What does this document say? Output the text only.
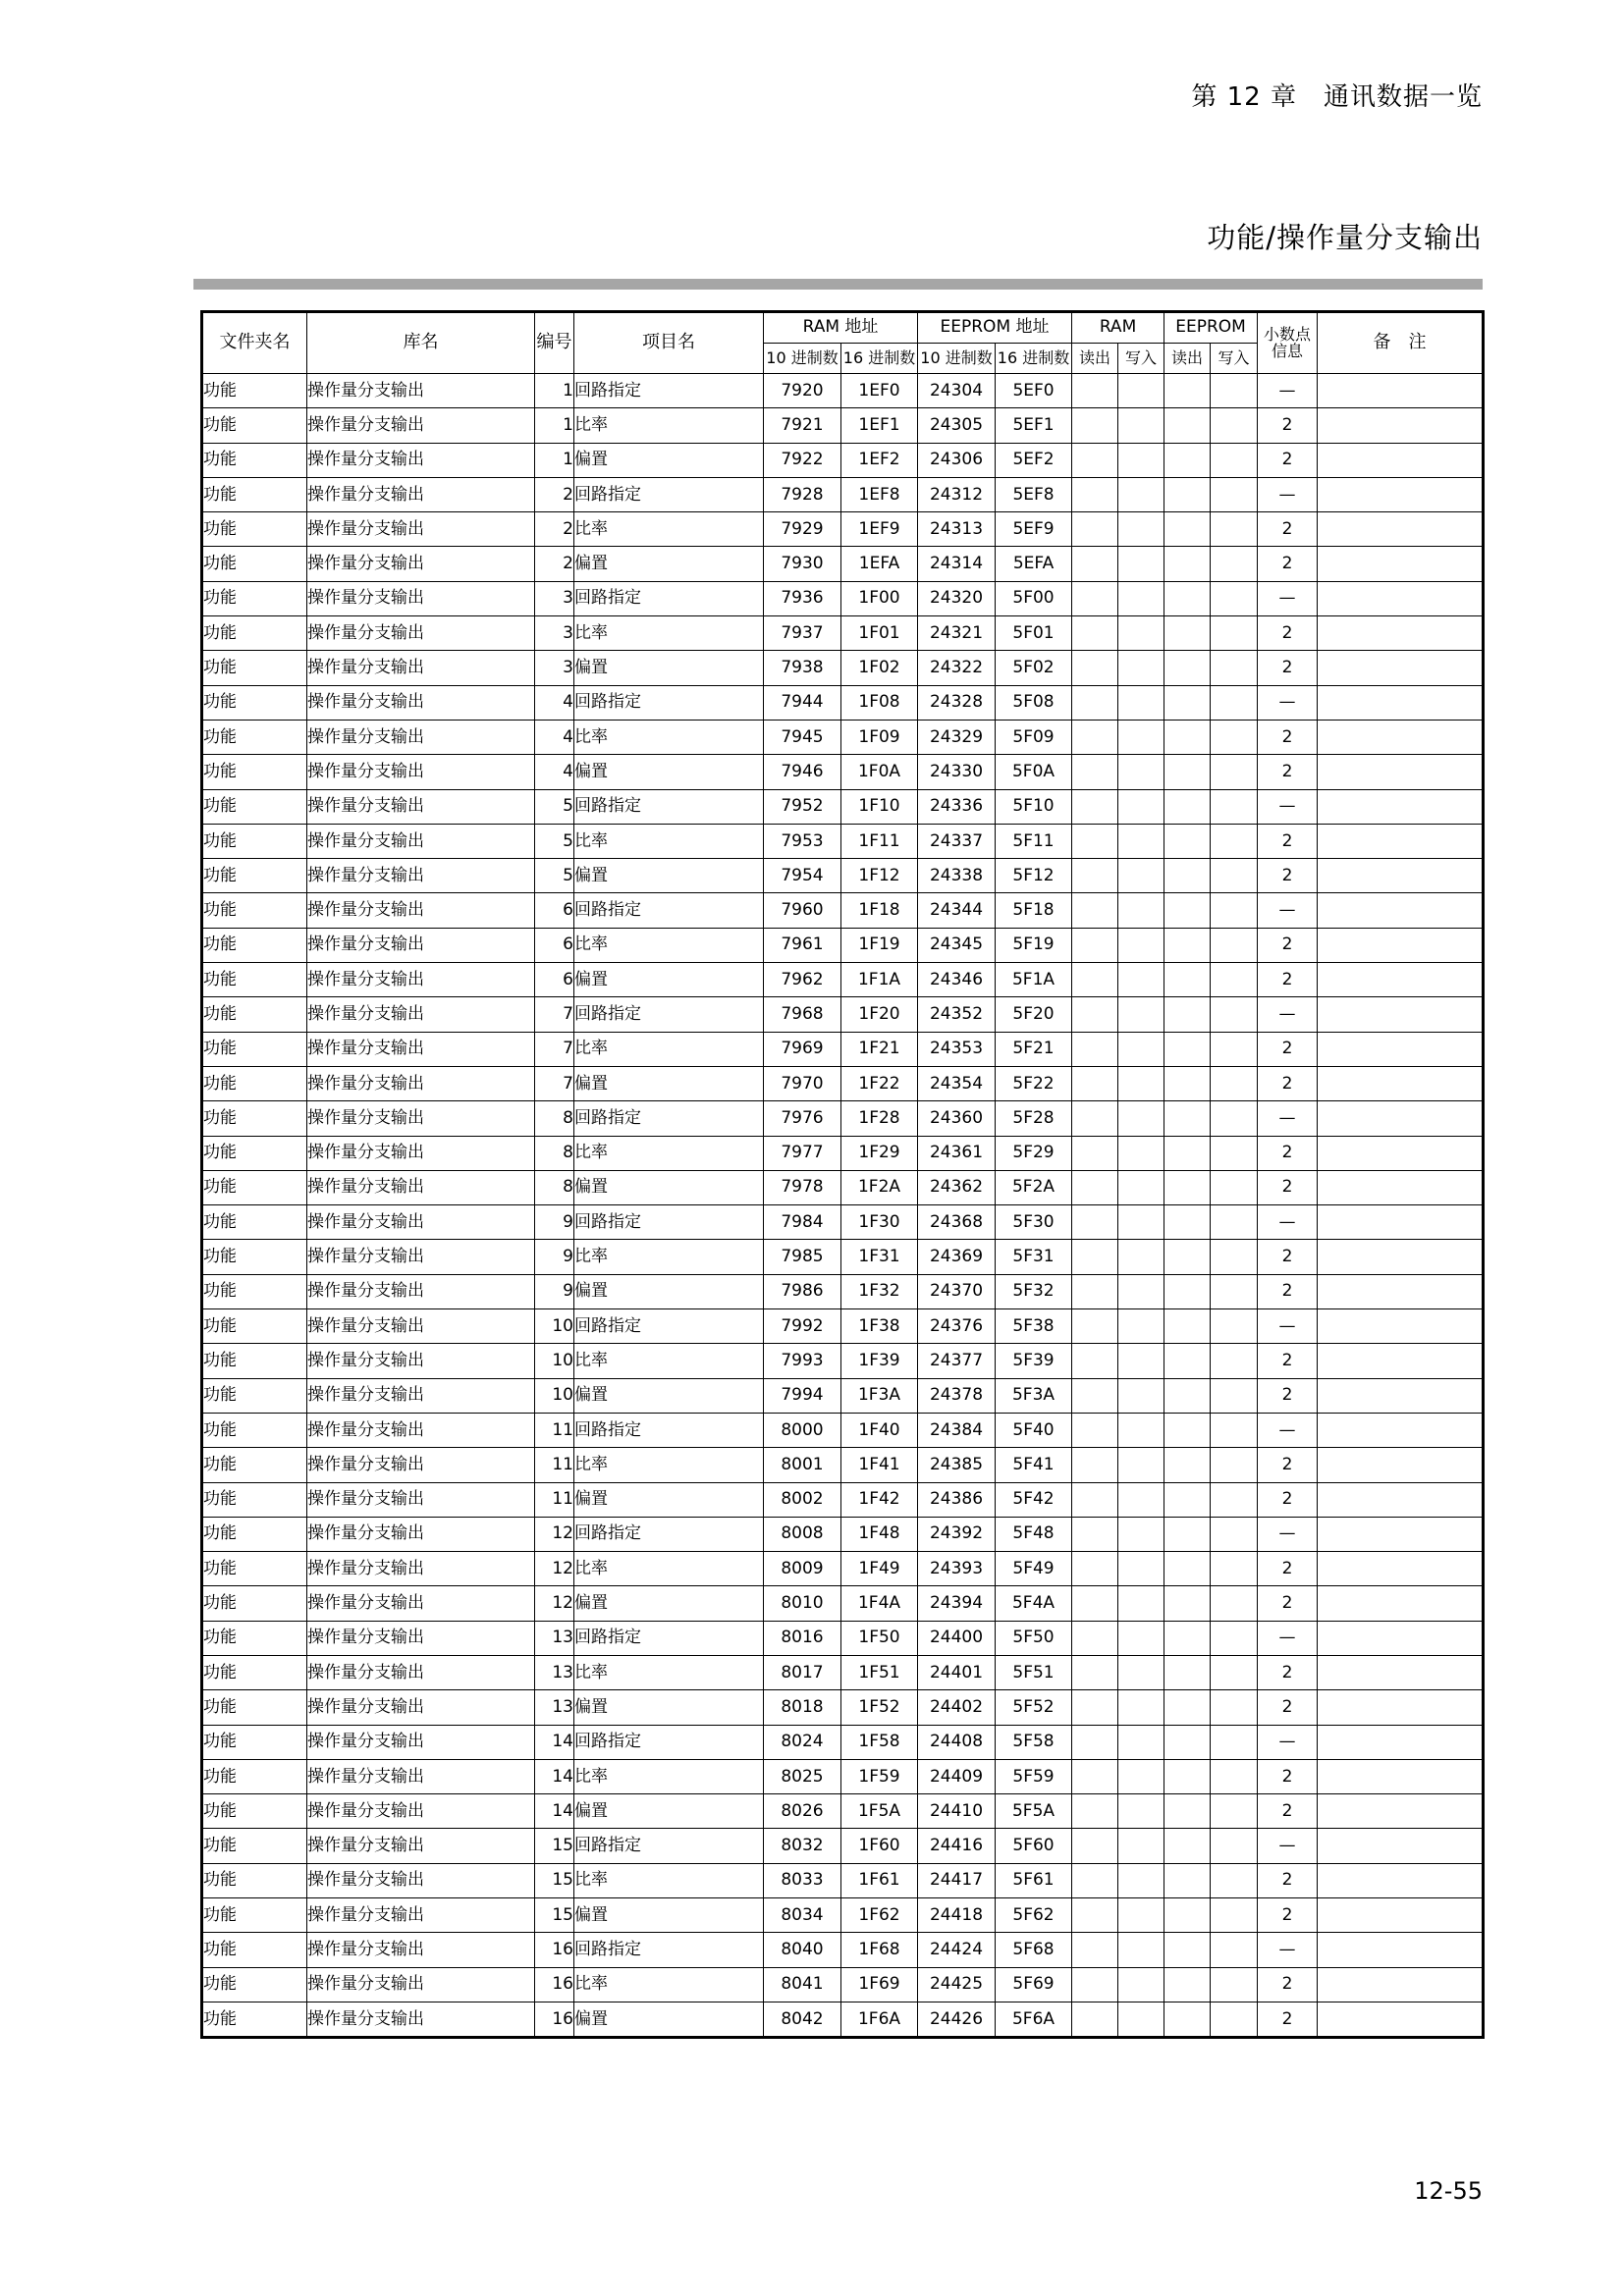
第 12 章　通讯数据一览
功能/操作量分支输出
文件夹名	库名	编号	项目名	RAM 地址		EEPROM 地址		RAM		EEPROM		小数点信息	备　注
				10 进制数	16 进制数	10 进制数	16 进制数	读出	写入	读出	写入		
功能	操作量分支输出	1	回路指定	7920	1EF0	24304	5EF0					—	
功能	操作量分支输出	1	比率	7921	1EF1	24305	5EF1					2	
功能	操作量分支输出	1	偏置	7922	1EF2	24306	5EF2					2	
功能	操作量分支输出	2	回路指定	7928	1EF8	24312	5EF8					—	
功能	操作量分支输出	2	比率	7929	1EF9	24313	5EF9					2	
功能	操作量分支输出	2	偏置	7930	1EFA	24314	5EFA					2	
功能	操作量分支输出	3	回路指定	7936	1F00	24320	5F00					—	
功能	操作量分支输出	3	比率	7937	1F01	24321	5F01					2	
功能	操作量分支输出	3	偏置	7938	1F02	24322	5F02					2	
功能	操作量分支输出	4	回路指定	7944	1F08	24328	5F08					—	
功能	操作量分支输出	4	比率	7945	1F09	24329	5F09					2	
功能	操作量分支输出	4	偏置	7946	1F0A	24330	5F0A					2	
功能	操作量分支输出	5	回路指定	7952	1F10	24336	5F10					—	
功能	操作量分支输出	5	比率	7953	1F11	24337	5F11					2	
功能	操作量分支输出	5	偏置	7954	1F12	24338	5F12					2	
功能	操作量分支输出	6	回路指定	7960	1F18	24344	5F18					—	
功能	操作量分支输出	6	比率	7961	1F19	24345	5F19					2	
功能	操作量分支输出	6	偏置	7962	1F1A	24346	5F1A					2	
功能	操作量分支输出	7	回路指定	7968	1F20	24352	5F20					—	
功能	操作量分支输出	7	比率	7969	1F21	24353	5F21					2	
功能	操作量分支输出	7	偏置	7970	1F22	24354	5F22					2	
功能	操作量分支输出	8	回路指定	7976	1F28	24360	5F28					—	
功能	操作量分支输出	8	比率	7977	1F29	24361	5F29					2	
功能	操作量分支输出	8	偏置	7978	1F2A	24362	5F2A					2	
功能	操作量分支输出	9	回路指定	7984	1F30	24368	5F30					—	
功能	操作量分支输出	9	比率	7985	1F31	24369	5F31					2	
功能	操作量分支输出	9	偏置	7986	1F32	24370	5F32					2	
功能	操作量分支输出	10	回路指定	7992	1F38	24376	5F38					—	
功能	操作量分支输出	10	比率	7993	1F39	24377	5F39					2	
功能	操作量分支输出	10	偏置	7994	1F3A	24378	5F3A					2	
功能	操作量分支输出	11	回路指定	8000	1F40	24384	5F40					—	
功能	操作量分支输出	11	比率	8001	1F41	24385	5F41					2	
功能	操作量分支输出	11	偏置	8002	1F42	24386	5F42					2	
功能	操作量分支输出	12	回路指定	8008	1F48	24392	5F48					—	
功能	操作量分支输出	12	比率	8009	1F49	24393	5F49					2	
功能	操作量分支输出	12	偏置	8010	1F4A	24394	5F4A					2	
功能	操作量分支输出	13	回路指定	8016	1F50	24400	5F50					—	
功能	操作量分支输出	13	比率	8017	1F51	24401	5F51					2	
功能	操作量分支输出	13	偏置	8018	1F52	24402	5F52					2	
功能	操作量分支输出	14	回路指定	8024	1F58	24408	5F58					—	
功能	操作量分支输出	14	比率	8025	1F59	24409	5F59					2	
功能	操作量分支输出	14	偏置	8026	1F5A	24410	5F5A					2	
功能	操作量分支输出	15	回路指定	8032	1F60	24416	5F60					—	
功能	操作量分支输出	15	比率	8033	1F61	24417	5F61					2	
功能	操作量分支输出	15	偏置	8034	1F62	24418	5F62					2	
功能	操作量分支输出	16	回路指定	8040	1F68	24424	5F68					—	
功能	操作量分支输出	16	比率	8041	1F69	24425	5F69					2	
功能	操作量分支输出	16	偏置	8042	1F6A	24426	5F6A					2	
12-55
